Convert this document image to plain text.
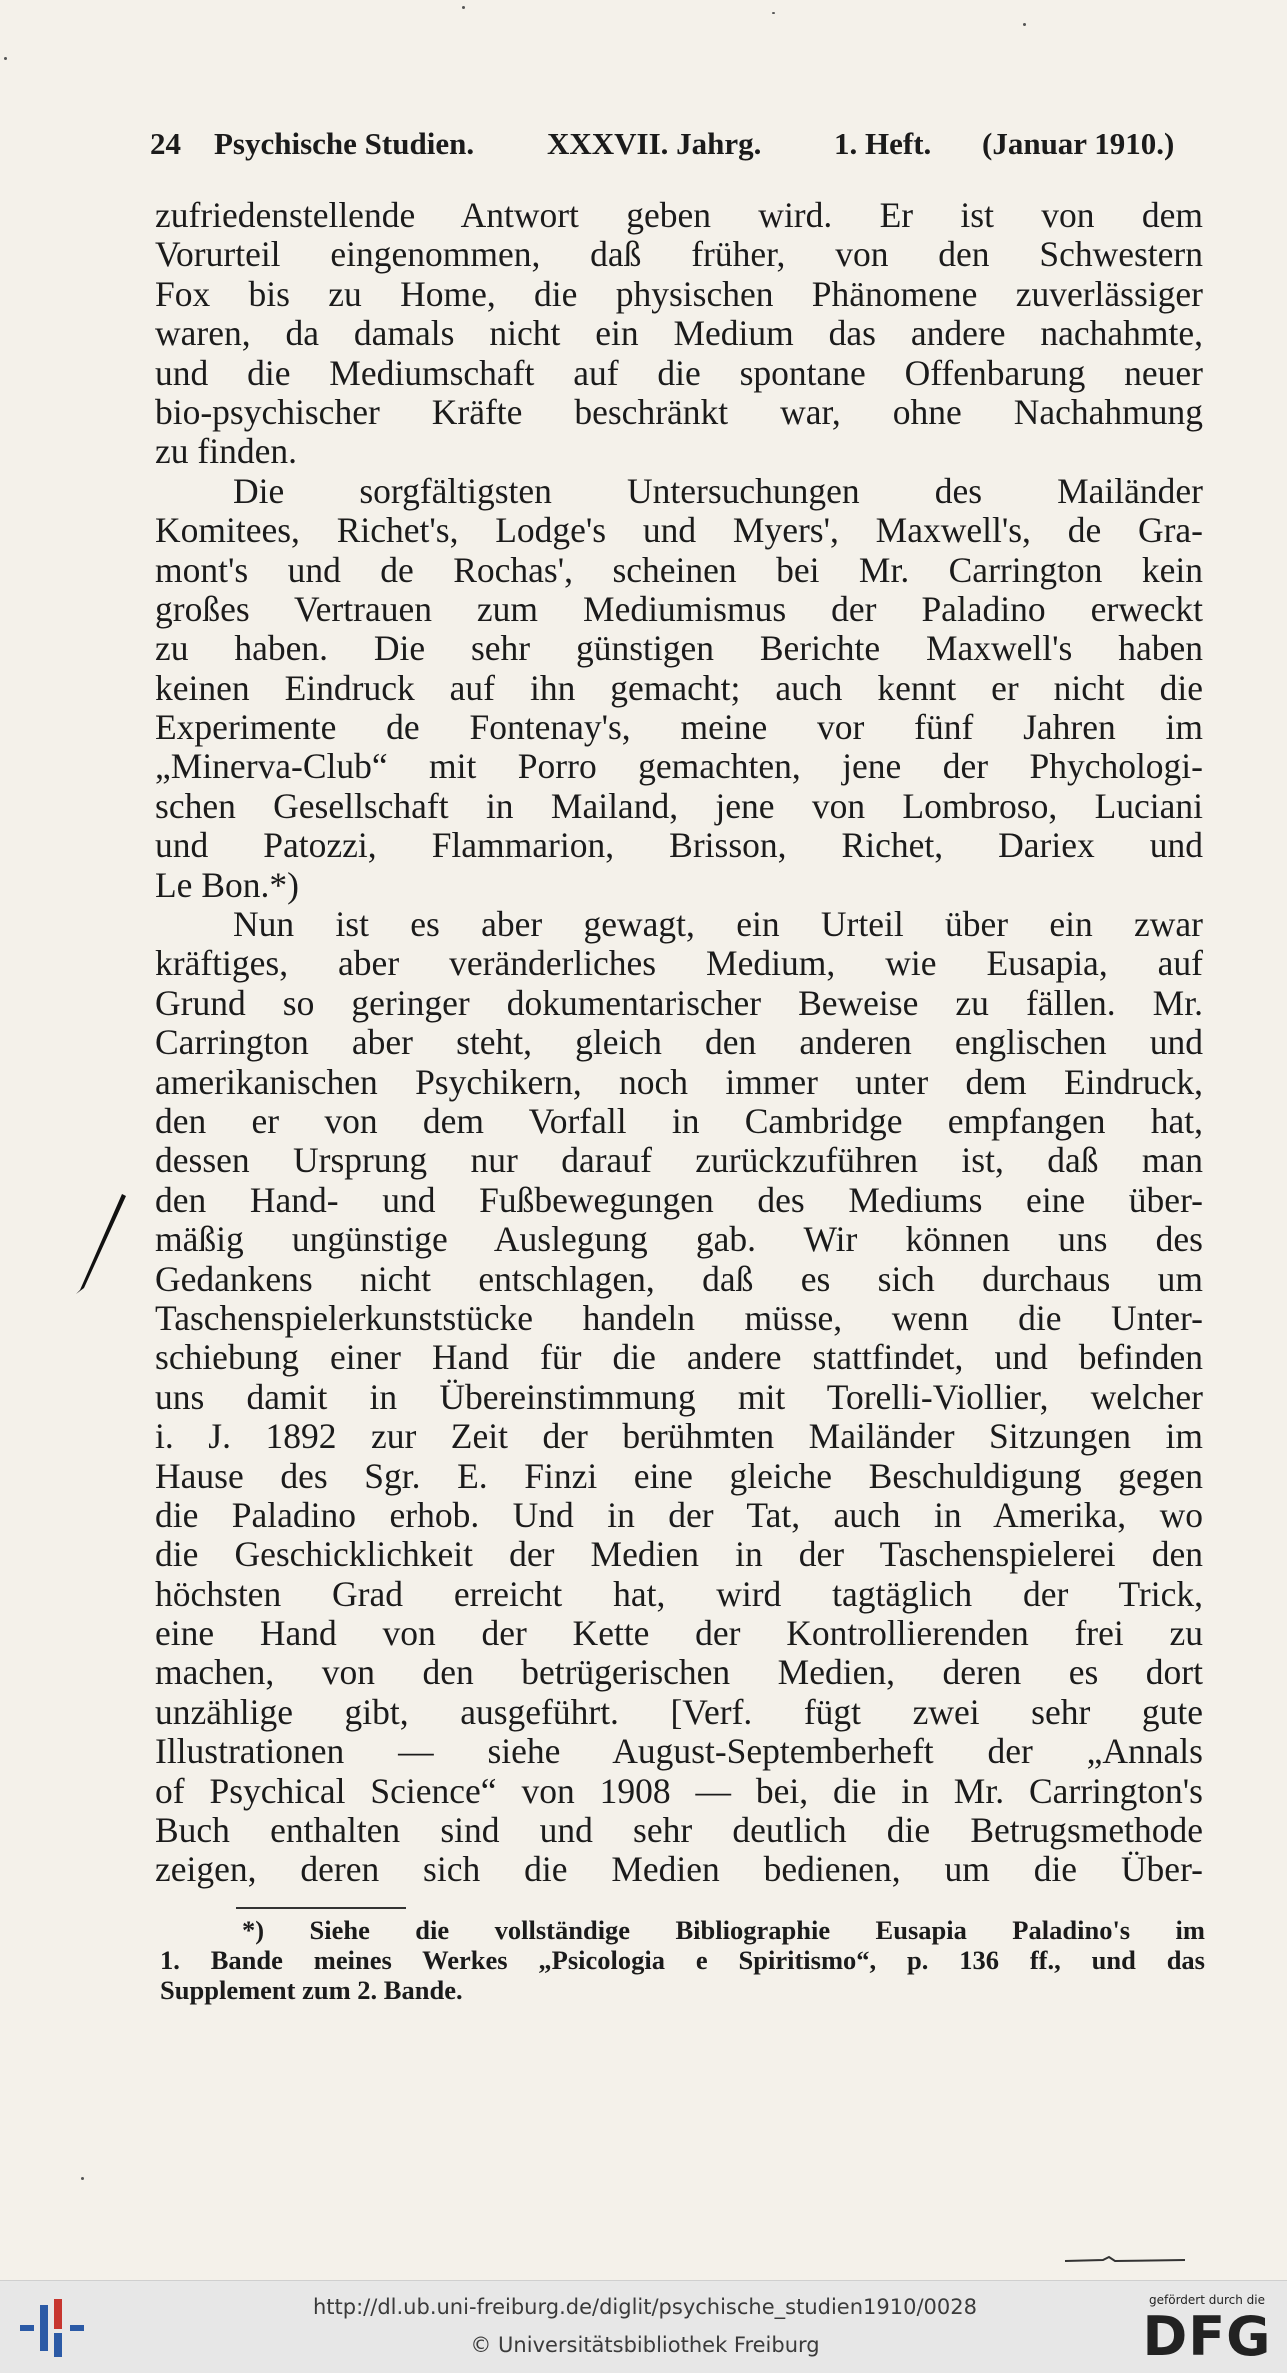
24 Psychische Studien. XXXVII. Jahrg. 1. Heft. (Januar 1910.)
zufriedenstellende Antwort geben wird. Er ist von dem
Vorurteil eingenommen, daß früher, von den Schwestern
Fox bis zu Home, die physischen Phänomene zuverlässiger
waren, da damals nicht ein Medium das andere nachahmte,
und die Mediumschaft auf die spontane Offenbarung neuer
bio-psychischer Kräfte beschränkt war, ohne Nachahmung
zu finden.
Die sorgfältigsten Untersuchungen des Mailänder
Komitees, Richet's, Lodge's und Myers', Maxwell's, de Gra-
mont's und de Rochas', scheinen bei Mr. Carrington kein
großes Vertrauen zum Mediumismus der Paladino erweckt
zu haben. Die sehr günstigen Berichte Maxwell's haben
keinen Eindruck auf ihn gemacht; auch kennt er nicht die
Experimente de Fontenay's, meine vor fünf Jahren im
„Minerva-Club“ mit Porro gemachten, jene der Phychologi-
schen Gesellschaft in Mailand, jene von Lombroso, Luciani
und Patozzi, Flammarion, Brisson, Richet, Dariex und
Le Bon.*)
Nun ist es aber gewagt, ein Urteil über ein zwar
kräftiges, aber veränderliches Medium, wie Eusapia, auf
Grund so geringer dokumentarischer Beweise zu fällen. Mr.
Carrington aber steht, gleich den anderen englischen und
amerikanischen Psychikern, noch immer unter dem Eindruck,
den er von dem Vorfall in Cambridge empfangen hat,
dessen Ursprung nur darauf zurückzuführen ist, daß man
den Hand- und Fußbewegungen des Mediums eine über-
mäßig ungünstige Auslegung gab. Wir können uns des
Gedankens nicht entschlagen, daß es sich durchaus um
Taschenspielerkunststücke handeln müsse, wenn die Unter-
schiebung einer Hand für die andere stattfindet, und befinden
uns damit in Übereinstimmung mit Torelli-Viollier, welcher
i. J. 1892 zur Zeit der berühmten Mailänder Sitzungen im
Hause des Sgr. E. Finzi eine gleiche Beschuldigung gegen
die Paladino erhob. Und in der Tat, auch in Amerika, wo
die Geschicklichkeit der Medien in der Taschenspielerei den
höchsten Grad erreicht hat, wird tagtäglich der Trick,
eine Hand von der Kette der Kontrollierenden frei zu
machen, von den betrügerischen Medien, deren es dort
unzählige gibt, ausgeführt. [Verf. fügt zwei sehr gute
Illustrationen — siehe August-Septemberheft der „Annals
of Psychical Science“ von 1908 — bei, die in Mr. Carrington's
Buch enthalten sind und sehr deutlich die Betrugsmethode
zeigen, deren sich die Medien bedienen, um die Über-
*) Siehe die vollständige Bibliographie Eusapia Paladino's im
1. Bande meines Werkes „Psicologia e Spiritismo“, p. 136 ff., und das
Supplement zum 2. Bande.
http://dl.ub.uni-freiburg.de/diglit/psychische_studien1910/0028
© Universitätsbibliothek Freiburg
gefördert durch die
DFG
